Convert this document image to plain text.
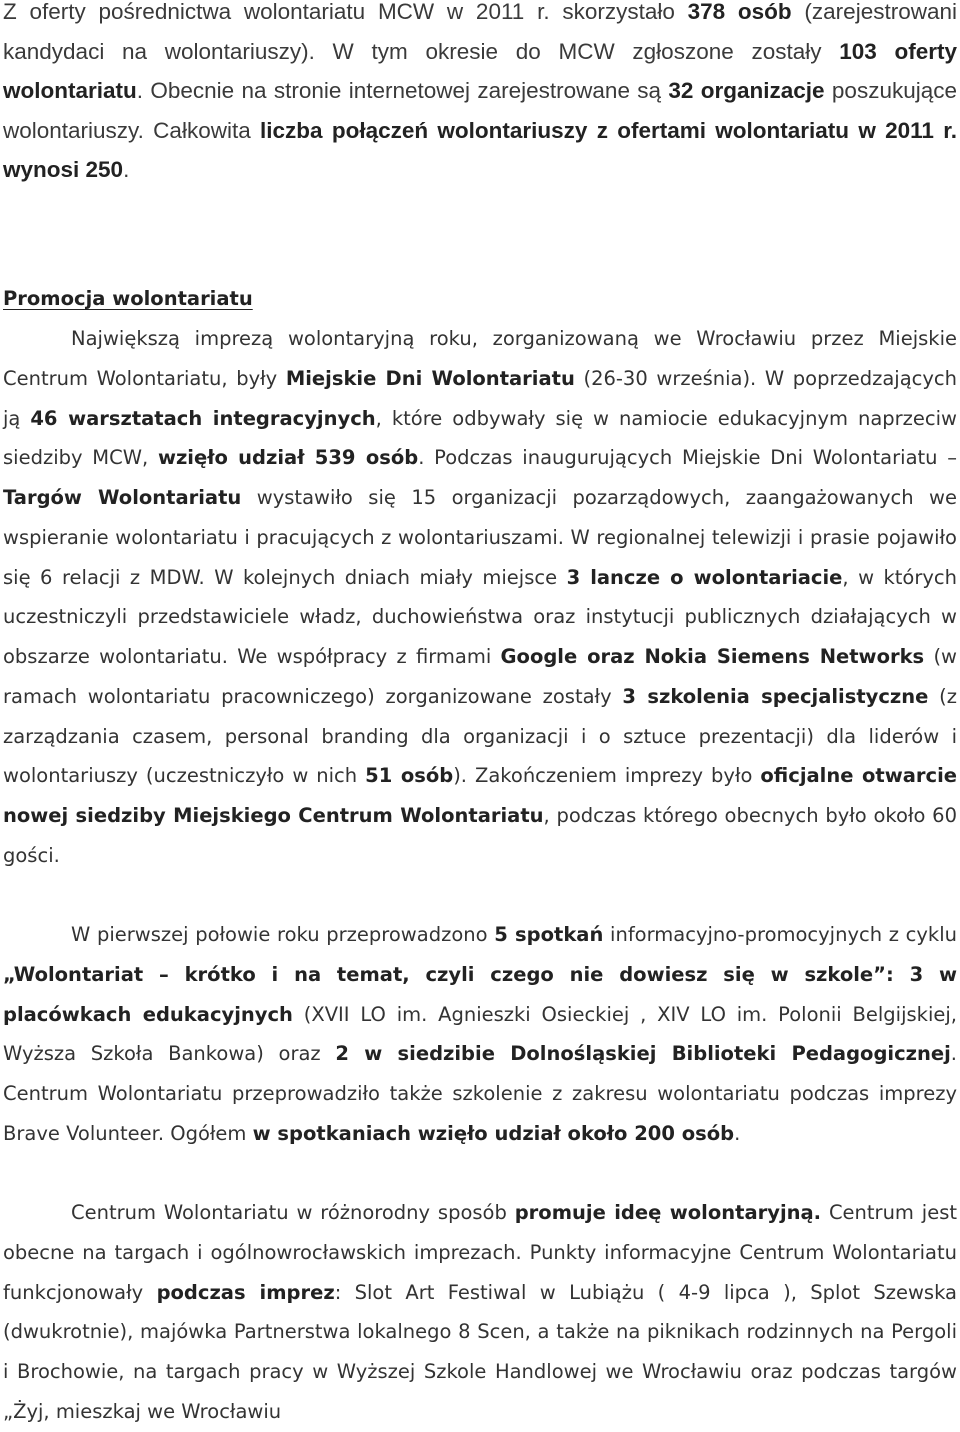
Z oferty pośrednictwa wolontariatu MCW w 2011 r. skorzystało 378 osób (zarejestrowani kandydaci na wolontariuszy). W tym okresie do MCW zgłoszone zostały 103 oferty wolontariatu. Obecnie na stronie internetowej zarejestrowane są 32 organizacje poszukujące wolontariuszy. Całkowita liczba połączeń wolontariuszy z ofertami wolontariatu w 2011 r. wynosi 250.

Promocja wolontariatu

Największą imprezą wolontaryjną roku, zorganizowaną we Wrocławiu przez Miejskie Centrum Wolontariatu, były Miejskie Dni Wolontariatu (26-30 września). W poprzedzających ją 46 warsztatach integracyjnych, które odbywały się w namiocie edukacyjnym naprzeciw siedziby MCW, wzięło udział 539 osób. Podczas inaugurujących Miejskie Dni Wolontariatu – Targów Wolontariatu wystawiło się 15 organizacji pozarządowych, zaangażowanych we wspieranie wolontariatu i pracujących z wolontariuszami. W regionalnej telewizji i prasie pojawiło się 6 relacji z MDW. W kolejnych dniach miały miejsce 3 lancze o wolontariacie, w których uczestniczyli przedstawiciele władz, duchowieństwa oraz instytucji publicznych działających w obszarze wolontariatu. We współpracy z firmami Google oraz Nokia Siemens Networks (w ramach wolontariatu pracowniczego) zorganizowane zostały 3 szkolenia specjalistyczne (z zarządzania czasem, personal branding dla organizacji i o sztuce prezentacji) dla liderów i wolontariuszy (uczestniczyło w nich 51 osób). Zakończeniem imprezy było oficjalne otwarcie nowej siedziby Miejskiego Centrum Wolontariatu, podczas którego obecnych było około 60 gości.

W pierwszej połowie roku przeprowadzono 5 spotkań informacyjno-promocyjnych z cyklu „Wolontariat – krótko i na temat, czyli czego nie dowiesz się w szkole”: 3 w placówkach edukacyjnych (XVII LO im. Agnieszki Osieckiej , XIV LO im. Polonii Belgijskiej, Wyższa Szkoła Bankowa) oraz 2 w siedzibie Dolnośląskiej Biblioteki Pedagogicznej. Centrum Wolontariatu przeprowadziło także szkolenie z zakresu wolontariatu podczas imprezy Brave Volunteer. Ogółem w spotkaniach wzięło udział około 200 osób.

Centrum Wolontariatu w różnorodny sposób promuje ideę wolontaryjną. Centrum jest obecne na targach i ogólnowrocławskich imprezach. Punkty informacyjne Centrum Wolontariatu funkcjonowały podczas imprez: Slot Art Festiwal w Lubiążu ( 4-9 lipca ), Splot Szewska (dwukrotnie), majówka Partnerstwa lokalnego 8 Scen, a także na piknikach rodzinnych na Pergoli i Brochowie, na targach pracy w Wyższej Szkole Handlowej we Wrocławiu oraz podczas targów „Żyj, mieszkaj we Wrocławiu
